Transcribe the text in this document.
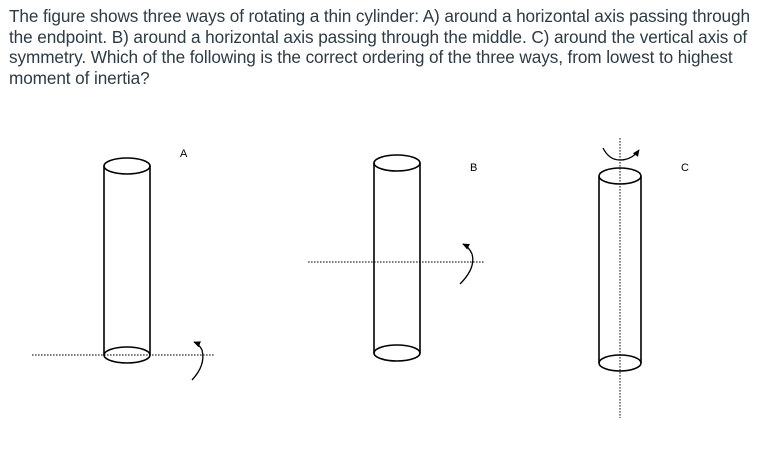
The figure shows three ways of rotating a thin cylinder: A) around a horizontal axis passing through the endpoint. B) around a horizontal axis passing through the middle. C) around the vertical axis of symmetry. Which of the following is the correct ordering of the three ways, from lowest to highest moment of inertia?

A
B	C
